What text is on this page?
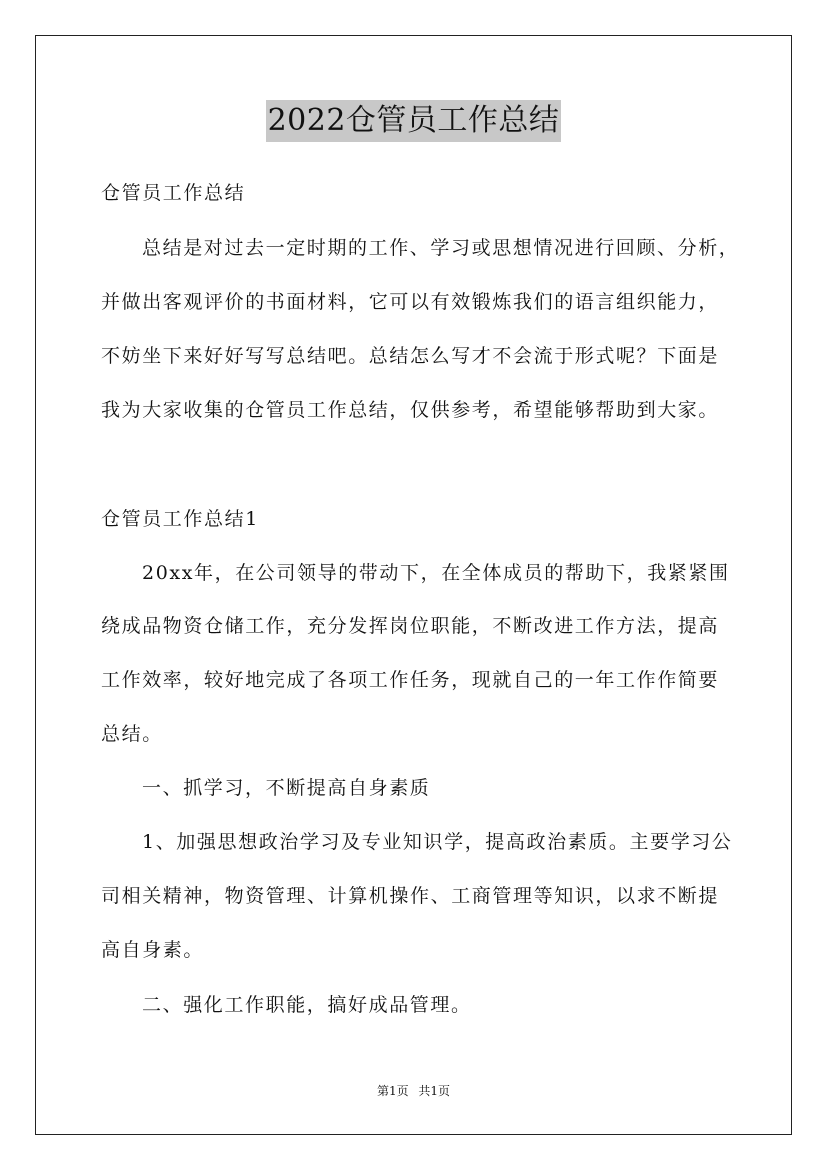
2022仓管员工作总结
仓管员工作总结
总结是对过去一定时期的工作、学习或思想情况进行回顾、分析，
并做出客观评价的书面材料，它可以有效锻炼我们的语言组织能力，
不妨坐下来好好写写总结吧。总结怎么写才不会流于形式呢？下面是
我为大家收集的仓管员工作总结，仅供参考，希望能够帮助到大家。
仓管员工作总结1
20xx年，在公司领导的带动下，在全体成员的帮助下，我紧紧围
绕成品物资仓储工作，充分发挥岗位职能，不断改进工作方法，提高
工作效率，较好地完成了各项工作任务，现就自己的一年工作作简要
总结。
一、抓学习，不断提高自身素质
1、加强思想政治学习及专业知识学，提高政治素质。主要学习公
司相关精神，物资管理、计算机操作、工商管理等知识，以求不断提
高自身素。
二、强化工作职能，搞好成品管理。
第1页 共1页
